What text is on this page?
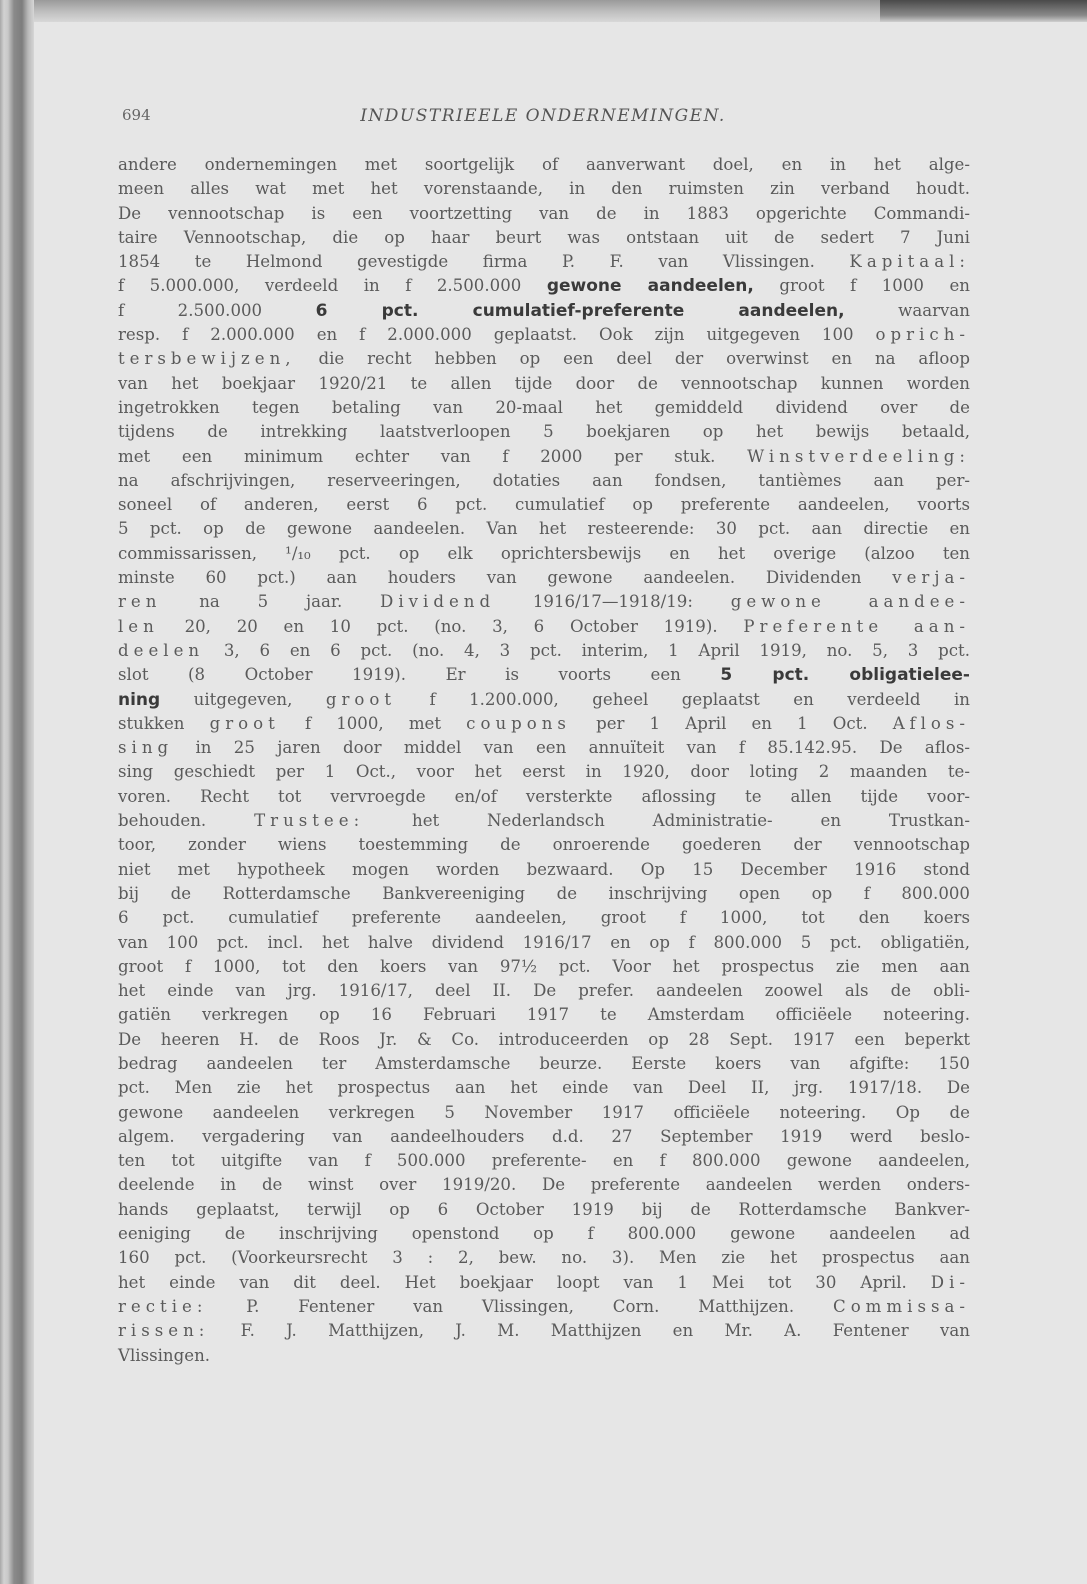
694	INDUSTRIEELE ONDERNEMINGEN.
andere ondernemingen met soortgelijk of aanverwant doel, en in het alge-
meen alles wat met het vorenstaande, in den ruimsten zin verband houdt.
De vennootschap is een voortzetting van de in 1883 opgerichte Commandi-
taire Vennootschap, die op haar beurt was ontstaan uit de sedert 7 Juni
1854 te Helmond gevestigde firma P. F. van Vlissingen. Kapitaal:
f 5.000.000, verdeeld in f 2.500.000 gewone aandeelen, groot f 1000 en
f 2.500.000 6 pct. cumulatief-preferente aandeelen, waarvan
resp. f 2.000.000 en f 2.000.000 geplaatst. Ook zijn uitgegeven 100 oprich-
tersbewijzen, die recht hebben op een deel der overwinst en na afloop
van het boekjaar 1920/21 te allen tijde door de vennootschap kunnen worden
ingetrokken tegen betaling van 20-maal het gemiddeld dividend over de
tijdens de intrekking laatstverloopen 5 boekjaren op het bewijs betaald,
met een minimum echter van f 2000 per stuk. Winstverdeeling:
na afschrijvingen, reserveeringen, dotaties aan fondsen, tantièmes aan per-
soneel of anderen, eerst 6 pct. cumulatief op preferente aandeelen, voorts
5 pct. op de gewone aandeelen. Van het resteerende: 30 pct. aan directie en
commissarissen, ¹/₁₀ pct. op elk oprichtersbewijs en het overige (alzoo ten
minste 60 pct.) aan houders van gewone aandeelen. Dividenden verja-
ren na 5 jaar. Dividend 1916/17—1918/19: gewone aandee-
len 20, 20 en 10 pct. (no. 3, 6 October 1919). Preferente aan-
deelen 3, 6 en 6 pct. (no. 4, 3 pct. interim, 1 April 1919, no. 5, 3 pct.
slot (8 October 1919). Er is voorts een 5 pct. obligatielee-
ning uitgegeven, groot f 1.200.000, geheel geplaatst en verdeeld in
stukken groot f 1000, met coupons per 1 April en 1 Oct. Aflos-
sing in 25 jaren door middel van een annuïteit van f 85.142.95. De aflos-
sing geschiedt per 1 Oct., voor het eerst in 1920, door loting 2 maanden te-
voren. Recht tot vervroegde en/of versterkte aflossing te allen tijde voor-
behouden. Trustee: het Nederlandsch Administratie- en Trustkan-
toor, zonder wiens toestemming de onroerende goederen der vennootschap
niet met hypotheek mogen worden bezwaard. Op 15 December 1916 stond
bij de Rotterdamsche Bankvereeniging de inschrijving open op f 800.000
6 pct. cumulatief preferente aandeelen, groot f 1000, tot den koers
van 100 pct. incl. het halve dividend 1916/17 en op f 800.000 5 pct. obligatiën,
groot f 1000, tot den koers van 97½ pct. Voor het prospectus zie men aan
het einde van jrg. 1916/17, deel II. De prefer. aandeelen zoowel als de obli-
gatiën verkregen op 16 Februari 1917 te Amsterdam officiëele noteering.
De heeren H. de Roos Jr. & Co. introduceerden op 28 Sept. 1917 een beperkt
bedrag aandeelen ter Amsterdamsche beurze. Eerste koers van afgifte: 150
pct. Men zie het prospectus aan het einde van Deel II, jrg. 1917/18. De
gewone aandeelen verkregen 5 November 1917 officiëele noteering. Op de
algem. vergadering van aandeelhouders d.d. 27 September 1919 werd beslo-
ten tot uitgifte van f 500.000 preferente- en f 800.000 gewone aandeelen,
deelende in de winst over 1919/20. De preferente aandeelen werden onders-
hands geplaatst, terwijl op 6 October 1919 bij de Rotterdamsche Bankver-
eeniging de inschrijving openstond op f 800.000 gewone aandeelen ad
160 pct. (Voorkeursrecht 3 : 2, bew. no. 3). Men zie het prospectus aan
het einde van dit deel. Het boekjaar loopt van 1 Mei tot 30 April. Di-
rectie: P. Fentener van Vlissingen, Corn. Matthijzen. Commissa-
rissen: F. J. Matthijzen, J. M. Matthijzen en Mr. A. Fentener van
Vlissingen.
